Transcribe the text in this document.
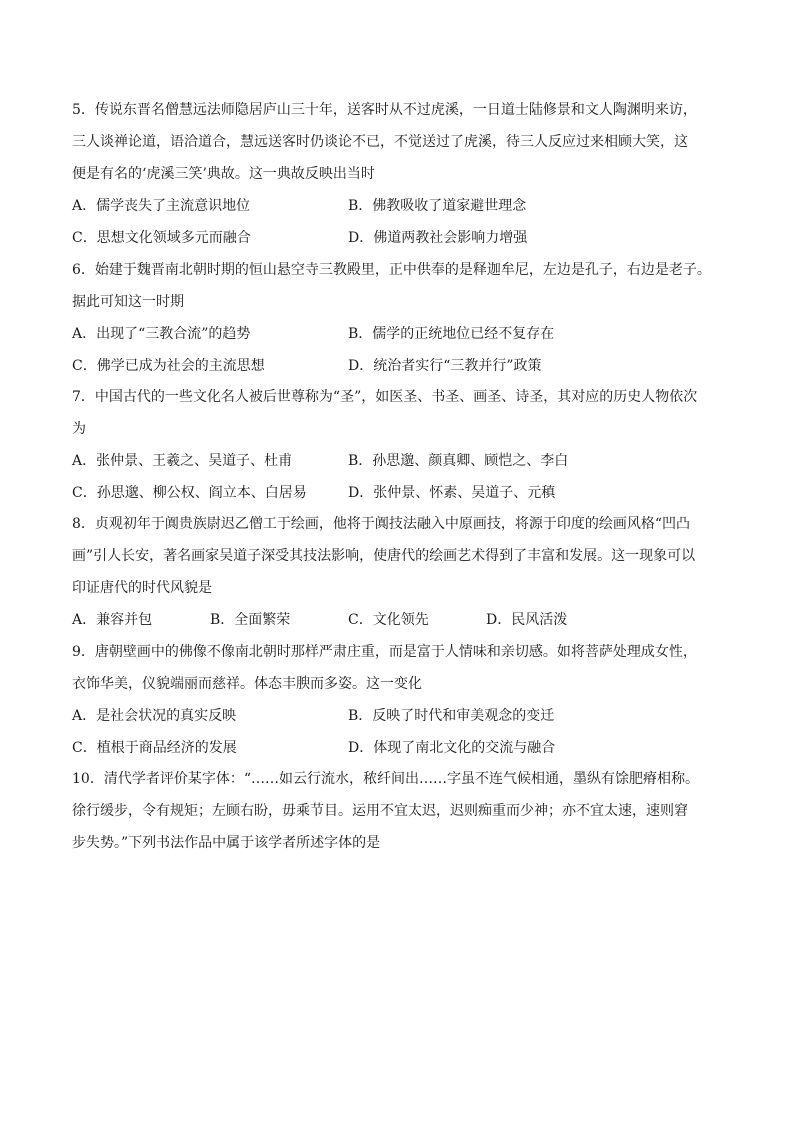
5．传说东晋名僧慧远法师隐居庐山三十年，送客时从不过虎溪，一日道士陆修景和文人陶渊明来访，
三人谈禅论道，语洽道合，慧远送客时仍谈论不已，不觉送过了虎溪，待三人反应过来相顾大笑，这
便是有名的‘虎溪三笑’典故。这一典故反映出当时
A．儒学丧失了主流意识地位	B．佛教吸收了道家避世理念
C．思想文化领域多元而融合	D．佛道两教社会影响力增强
6．始建于魏晋南北朝时期的恒山悬空寺三教殿里，正中供奉的是释迦牟尼，左边是孔子，右边是老子。
据此可知这一时期
A．出现了“三教合流”的趋势	B．儒学的正统地位已经不复存在
C．佛学已成为社会的主流思想	D．统治者实行“三教并行”政策
7．中国古代的一些文化名人被后世尊称为“圣”，如医圣、书圣、画圣、诗圣，其对应的历史人物依次
为
A．张仲景、王羲之、吴道子、杜甫	B．孙思邈、颜真卿、顾恺之、李白
C．孙思邈、柳公权、阎立本、白居易	D．张仲景、怀素、吴道子、元稹
8．贞观初年于阗贵族尉迟乙僧工于绘画，他将于阗技法融入中原画技，将源于印度的绘画风格“凹凸
画”引人长安，著名画家吴道子深受其技法影响，使唐代的绘画艺术得到了丰富和发展。这一现象可以
印证唐代的时代风貌是
A．兼容并包	B．全面繁荣	C．文化领先	D．民风活泼
9．唐朝壁画中的佛像不像南北朝时那样严肃庄重，而是富于人情味和亲切感。如将菩萨处理成女性，
衣饰华美，仪貌端丽而慈祥。体态丰腴而多姿。这一变化
A．是社会状况的真实反映	B．反映了时代和审美观念的变迁
C．植根于商品经济的发展	D．体现了南北文化的交流与融合
10．清代学者评价某字体：“……如云行流水，秾纤间出……字虽不连气候相通，墨纵有馀肥瘠相称。
徐行缓步，令有规矩；左顾右盼，毋乘节目。运用不宜太迟，迟则痴重而少神；亦不宜太速，速则窘
步失势。”下列书法作品中属于该学者所述字体的是
